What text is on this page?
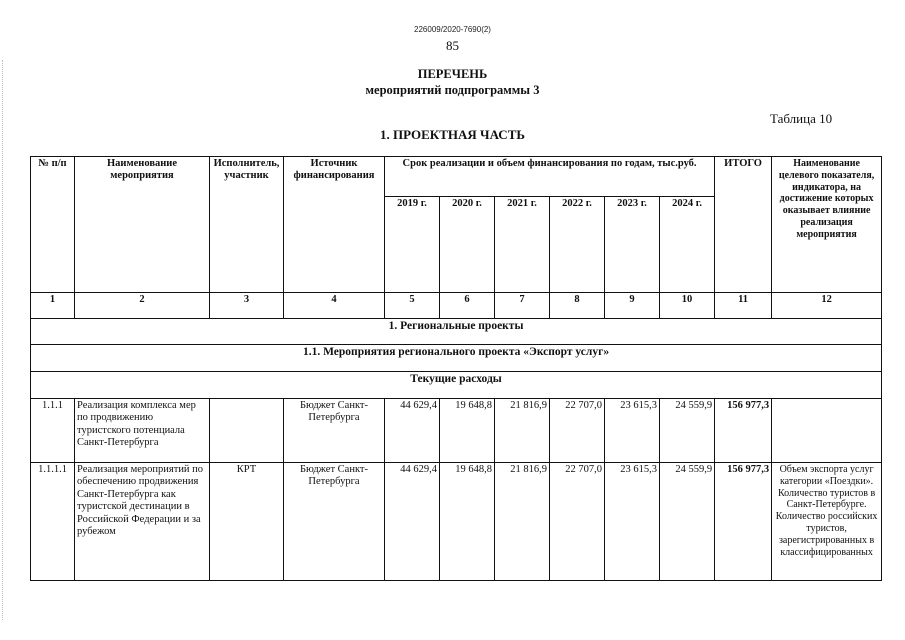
226009/2020-7690(2)
85
ПЕРЕЧЕНЬ
мероприятий подпрограммы 3
Таблица 10
1. ПРОЕКТНАЯ ЧАСТЬ
№ п/п	Наименование мероприятия	Исполнитель, участник	Источник финансирования	Срок реализации и объем финансирования по годам, тыс.руб.						ИТОГО	Наименование целевого показателя, индикатора, на достижение которых оказывает влияние реализация мероприятия
				2019 г.	2020 г.	2021 г.	2022 г.	2023 г.	2024 г.		
1	2	3	4	5	6	7	8	9	10	11	12
1. Региональные проекты											
1.1. Мероприятия регионального проекта «Экспорт услуг»											
Текущие расходы											
1.1.1	Реализация комплекса мер по продвижению туристского потенциала Санкт-Петербурга		Бюджет Санкт-Петербурга	44 629,4	19 648,8	21 816,9	22 707,0	23 615,3	24 559,9	156 977,3	
1.1.1.1	Реализация мероприятий по обеспечению продвижения Санкт-Петербурга как туристской дестинации в Российской Федерации и за рубежом	КРТ	Бюджет Санкт-Петербурга	44 629,4	19 648,8	21 816,9	22 707,0	23 615,3	24 559,9	156 977,3	Объем экспорта услуг категории «Поездки». Количество туристов в Санкт-Петербурге. Количество российских туристов, зарегистрированных в классифицированных
